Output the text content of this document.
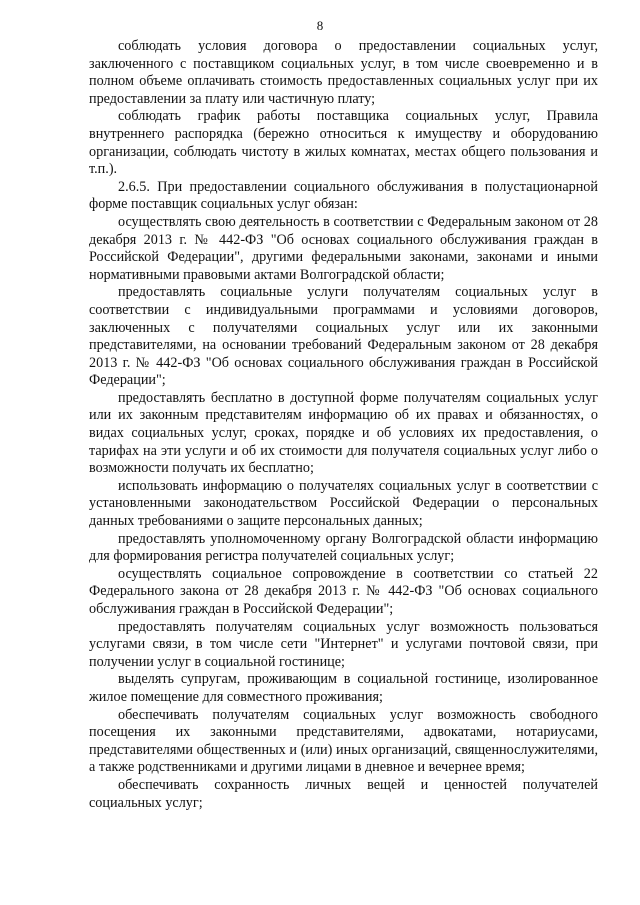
8

соблюдать условия договора о предоставлении социальных услуг, заключенного с поставщиком социальных услуг, в том числе своевременно и в полном объеме оплачивать стоимость предоставленных социальных услуг при их предоставлении за плату или частичную плату;

соблюдать график работы поставщика социальных услуг, Правила внутреннего распорядка (бережно относиться к имуществу и оборудованию организации, соблюдать чистоту в жилых комнатах, местах общего пользования и т.п.).

2.6.5. При предоставлении социального обслуживания в полустационарной форме поставщик социальных услуг обязан:

осуществлять свою деятельность в соответствии с Федеральным законом от 28 декабря 2013 г. № 442-ФЗ "Об основах социального обслуживания граждан в Российской Федерации", другими федеральными законами, законами и иными нормативными правовыми актами Волгоградской области;

предоставлять социальные услуги получателям социальных услуг в соответствии с индивидуальными программами и условиями договоров, заключенных с получателями социальных услуг или их законными представителями, на основании требований Федеральным законом от 28 декабря 2013 г. № 442-ФЗ "Об основах социального обслуживания граждан в Российской Федерации";

предоставлять бесплатно в доступной форме получателям социальных услуг или их законным представителям информацию об их правах и обязанностях, о видах социальных услуг, сроках, порядке и об условиях их предоставления, о тарифах на эти услуги и об их стоимости для получателя социальных услуг либо о возможности получать их бесплатно;

использовать информацию о получателях социальных услуг в соответствии с установленными законодательством Российской Федерации о персональных данных требованиями о защите персональных данных;

предоставлять уполномоченному органу Волгоградской области информацию для формирования регистра получателей социальных услуг;

осуществлять социальное сопровождение в соответствии со статьей 22 Федерального закона от 28 декабря 2013 г. № 442-ФЗ "Об основах социального обслуживания граждан в Российской Федерации";

предоставлять получателям социальных услуг возможность пользоваться услугами связи, в том числе сети "Интернет" и услугами почтовой связи, при получении услуг в социальной гостинице;

выделять супругам, проживающим в социальной гостинице, изолированное жилое помещение для совместного проживания;

обеспечивать получателям социальных услуг возможность свободного посещения их законными представителями, адвокатами, нотариусами, представителями общественных и (или) иных организаций, священнослужителями, а также родственниками и другими лицами в дневное и вечернее время;

обеспечивать сохранность личных вещей и ценностей получателей социальных услуг;
